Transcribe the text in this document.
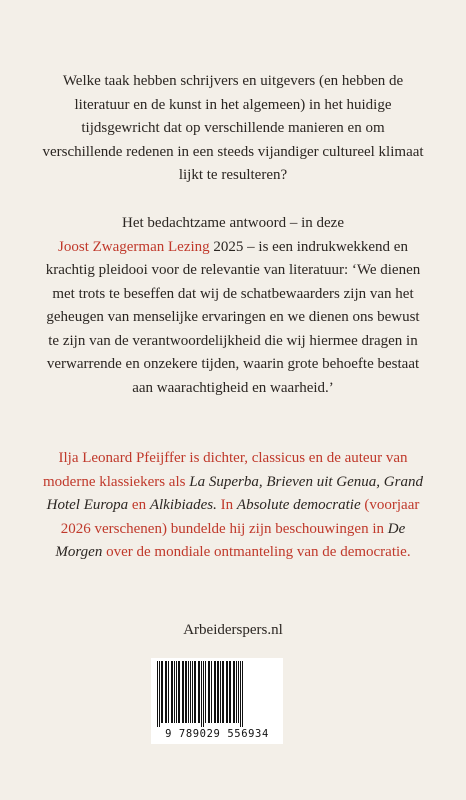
Welke taak hebben schrijvers en uitgevers (en hebben de literatuur en de kunst in het algemeen) in het huidige tijdsgewricht dat op verschillende manieren en om verschillende redenen in een steeds vijandiger cultureel klimaat lijkt te resulteren?
Het bedachtzame antwoord – in deze
Joost Zwagerman Lezing 2025 – is een indrukwekkend en krachtig pleidooi voor de relevantie van literatuur: ‘We dienen met trots te beseffen dat wij de schatbewaarders zijn van het geheugen van menselijke ervaringen en we dienen ons bewust te zijn van de verantwoordelijkheid die wij hiermee dragen in verwarrende en onzekere tijden, waarin grote behoefte bestaat aan waarachtigheid en waarheid.’
Ilja Leonard Pfeijffer is dichter, classicus en de auteur van moderne klassiekers als La Superba, Brieven uit Genua, Grand Hotel Europa en Alkibiades. In Absolute democratie (voorjaar 2026 verschenen) bundelde hij zijn beschouwingen in De Morgen over de mondiale ontmanteling van de democratie.
Arbeiderspers.nl
9 789029 556934
